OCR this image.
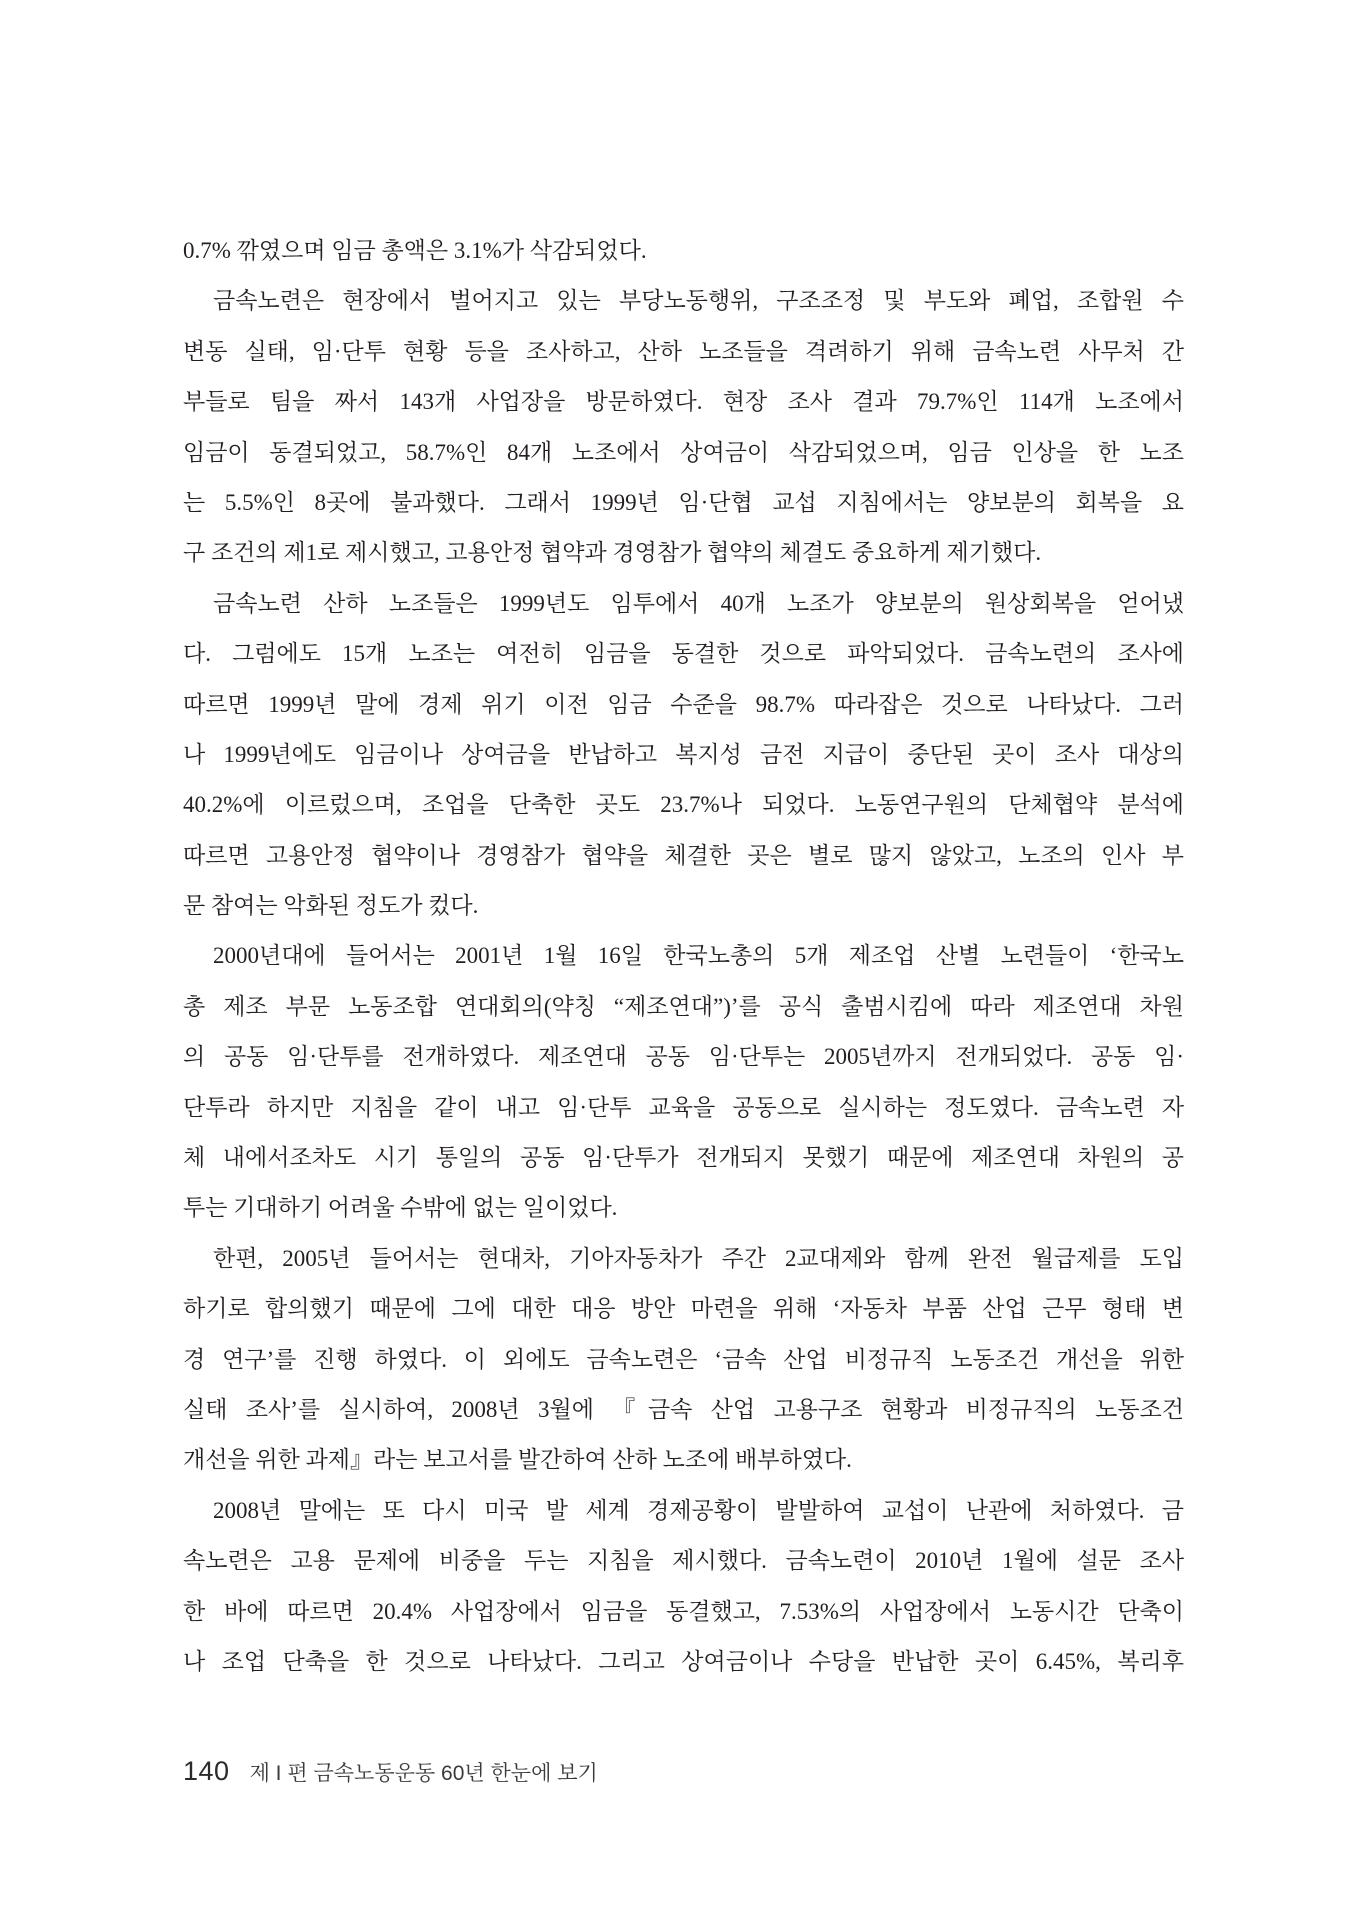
0.7% 깎였으며 임금 총액은 3.1%가 삭감되었다.
금속노련은 현장에서 벌어지고 있는 부당노동행위, 구조조정 및 부도와 폐업, 조합원 수
변동 실태, 임·단투 현황 등을 조사하고, 산하 노조들을 격려하기 위해 금속노련 사무처 간
부들로 팀을 짜서 143개 사업장을 방문하였다. 현장 조사 결과 79.7%인 114개 노조에서
임금이 동결되었고, 58.7%인 84개 노조에서 상여금이 삭감되었으며, 임금 인상을 한 노조
는 5.5%인 8곳에 불과했다. 그래서 1999년 임·단협 교섭 지침에서는 양보분의 회복을 요
구 조건의 제1로 제시했고, 고용안정 협약과 경영참가 협약의 체결도 중요하게 제기했다.
금속노련 산하 노조들은 1999년도 임투에서 40개 노조가 양보분의 원상회복을 얻어냈
다. 그럼에도 15개 노조는 여전히 임금을 동결한 것으로 파악되었다. 금속노련의 조사에
따르면 1999년 말에 경제 위기 이전 임금 수준을 98.7% 따라잡은 것으로 나타났다. 그러
나 1999년에도 임금이나 상여금을 반납하고 복지성 금전 지급이 중단된 곳이 조사 대상의
40.2%에 이르렀으며, 조업을 단축한 곳도 23.7%나 되었다. 노동연구원의 단체협약 분석에
따르면 고용안정 협약이나 경영참가 협약을 체결한 곳은 별로 많지 않았고, 노조의 인사 부
문 참여는 악화된 정도가 컸다.
2000년대에 들어서는 2001년 1월 16일 한국노총의 5개 제조업 산별 노련들이 ‘한국노
총 제조 부문 노동조합 연대회의(약칭 “제조연대”)’를 공식 출범시킴에 따라 제조연대 차원
의 공동 임·단투를 전개하였다. 제조연대 공동 임·단투는 2005년까지 전개되었다. 공동 임·
단투라 하지만 지침을 같이 내고 임·단투 교육을 공동으로 실시하는 정도였다. 금속노련 자
체 내에서조차도 시기 통일의 공동 임·단투가 전개되지 못했기 때문에 제조연대 차원의 공
투는 기대하기 어려울 수밖에 없는 일이었다.
한편, 2005년 들어서는 현대차, 기아자동차가 주간 2교대제와 함께 완전 월급제를 도입
하기로 합의했기 때문에 그에 대한 대응 방안 마련을 위해 ‘자동차 부품 산업 근무 형태 변
경 연구’를 진행 하였다. 이 외에도 금속노련은 ‘금속 산업 비정규직 노동조건 개선을 위한
실태 조사’를 실시하여, 2008년 3월에 『금속 산업 고용구조 현황과 비정규직의 노동조건
개선을 위한 과제』라는 보고서를 발간하여 산하 노조에 배부하였다.
2008년 말에는 또 다시 미국 발 세계 경제공황이 발발하여 교섭이 난관에 처하였다. 금
속노련은 고용 문제에 비중을 두는 지침을 제시했다. 금속노련이 2010년 1월에 설문 조사
한 바에 따르면 20.4% 사업장에서 임금을 동결했고, 7.53%의 사업장에서 노동시간 단축이
나 조업 단축을 한 것으로 나타났다. 그리고 상여금이나 수당을 반납한 곳이 6.45%, 복리후
140 제 I 편 금속노동운동 60년 한눈에 보기
